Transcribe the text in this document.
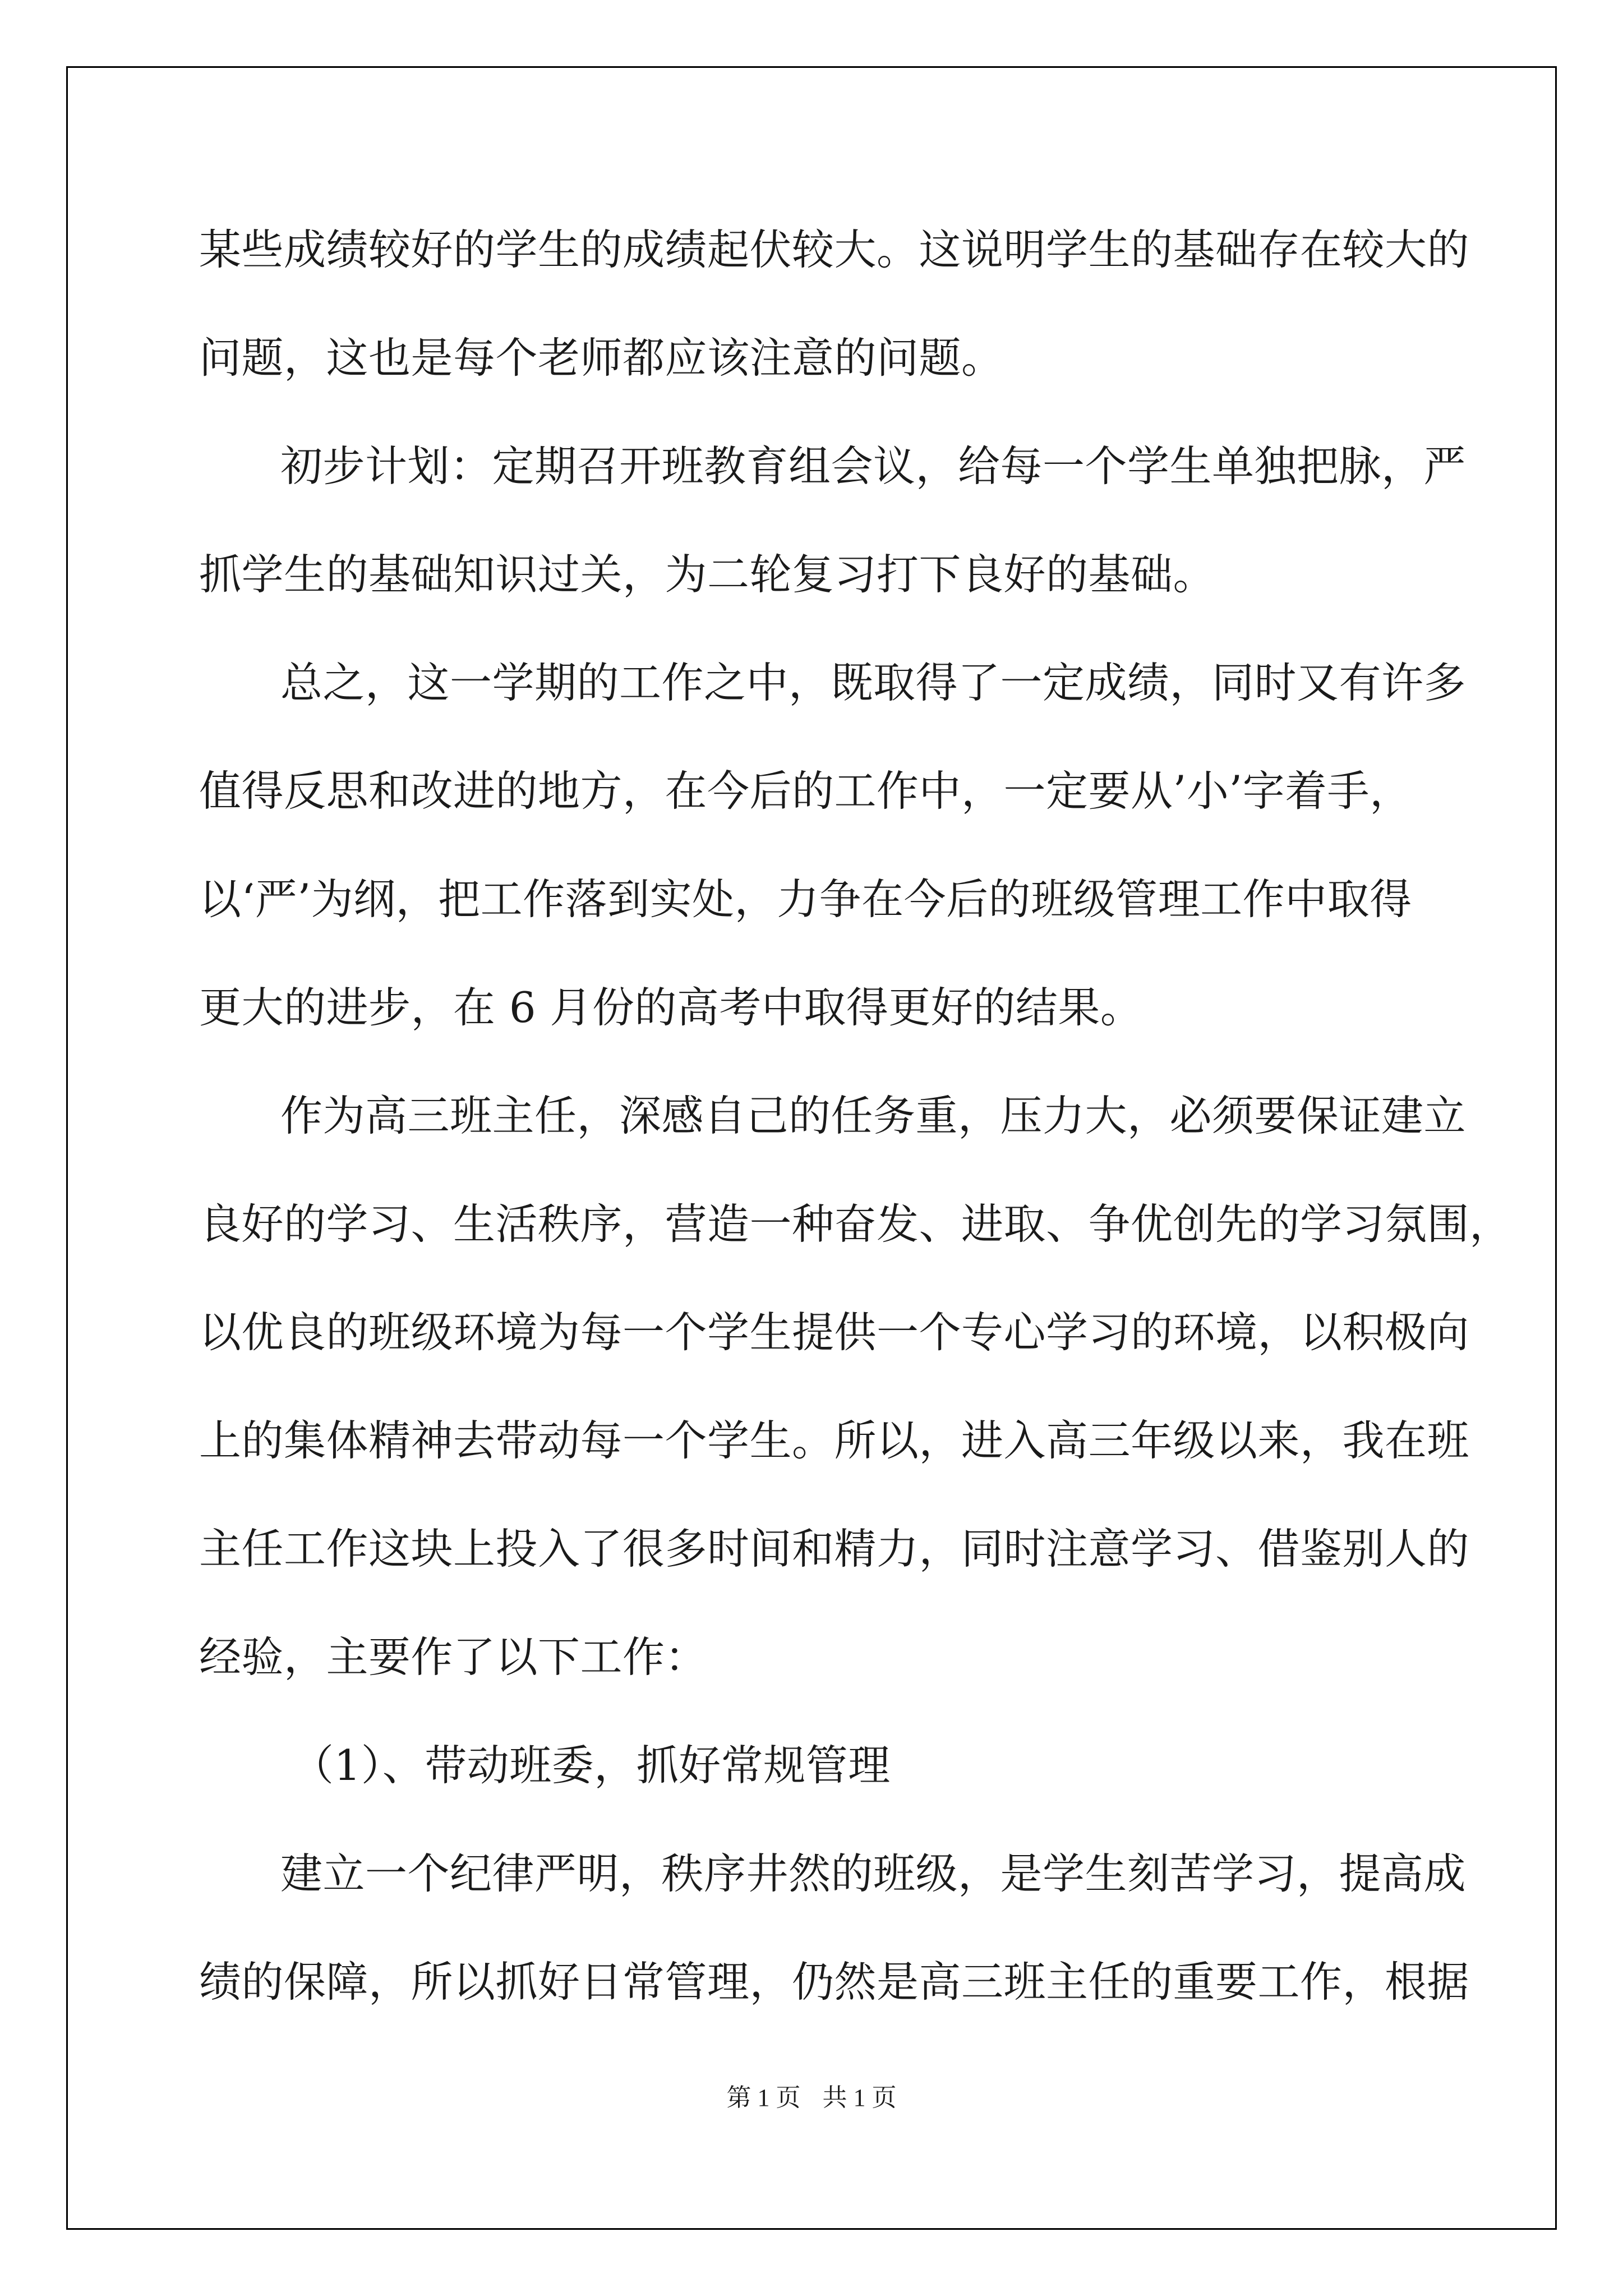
某些成绩较好的学生的成绩起伏较大。这说明学生的基础存在较大的
问题，这也是每个老师都应该注意的问题。
初步计划：定期召开班教育组会议，给每一个学生单独把脉，严
抓学生的基础知识过关，为二轮复习打下良好的基础。
总之，这一学期的工作之中，既取得了一定成绩，同时又有许多
值得反思和改进的地方，在今后的工作中，一定要从’小’字着手，
以‘严’为纲，把工作落到实处，力争在今后的班级管理工作中取得
更大的进步，在 6 月份的高考中取得更好的结果。
作为高三班主任，深感自己的任务重，压力大，必须要保证建立
良好的学习、生活秩序，营造一种奋发、进取、争优创先的学习氛围，
以优良的班级环境为每一个学生提供一个专心学习的环境，以积极向
上的集体精神去带动每一个学生。所以，进入高三年级以来，我在班
主任工作这块上投入了很多时间和精力，同时注意学习、借鉴别人的
经验，主要作了以下工作：
（1）、带动班委，抓好常规管理
建立一个纪律严明，秩序井然的班级，是学生刻苦学习，提高成
绩的保障，所以抓好日常管理，仍然是高三班主任的重要工作，根据
第 1 页 共 1 页
